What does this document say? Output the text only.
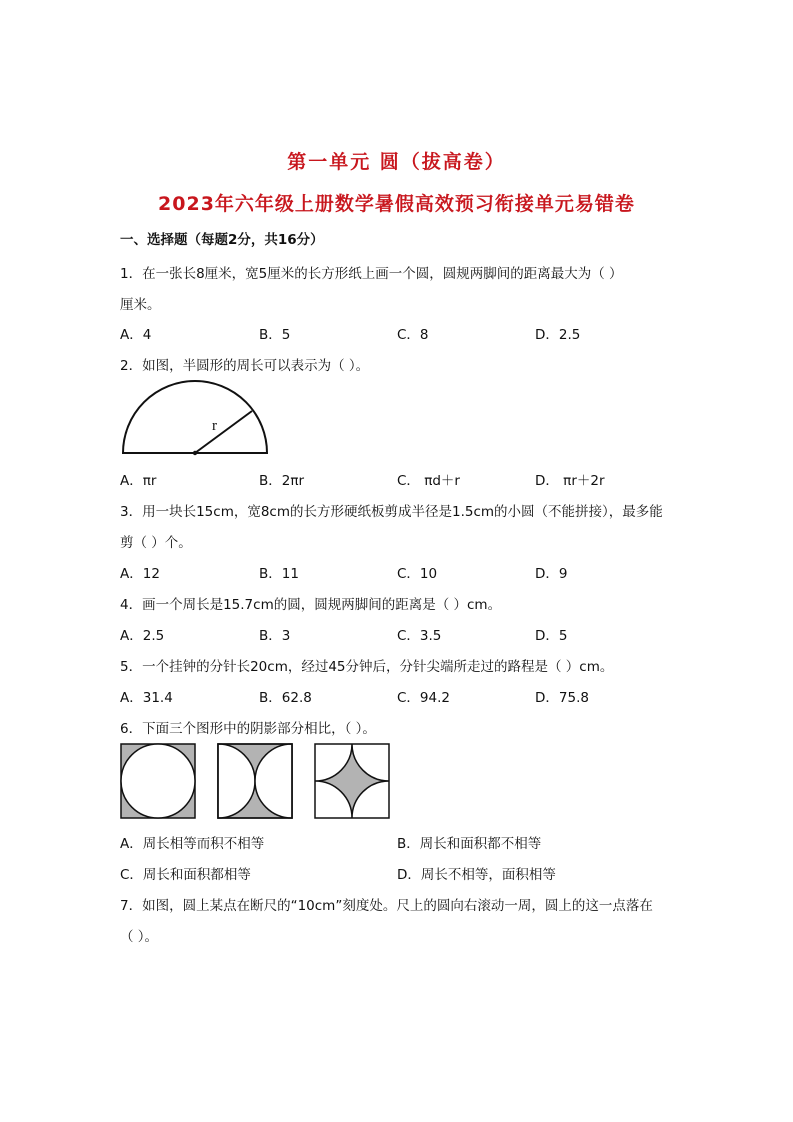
第一单元 圆（拔高卷）
2023年六年级上册数学暑假高效预习衔接单元易错卷
一、选择题（每题2分，共16分）
1．在一张长8厘米，宽5厘米的长方形纸上画一个圆，圆规两脚间的距离最大为（ ）
厘米。
A．4	B．5	C．8	D．2.5
2．如图，半圆形的周长可以表示为（ ）。
r
A．πr	B．2πr	C． πd＋r	D． πr＋2r
3．用一块长15cm，宽8cm的长方形硬纸板剪成半径是1.5cm的小圆（不能拼接），最多能
剪（ ）个。
A．12	B．11	C．10	D．9
4．画一个周长是15.7cm的圆，圆规两脚间的距离是（ ）cm。
A．2.5	B．3	C．3.5	D．5
5．一个挂钟的分针长20cm，经过45分钟后，分针尖端所走过的路程是（ ）cm。
A．31.4	B．62.8	C．94.2	D．75.8
6．下面三个图形中的阴影部分相比，（ ）。
A．周长相等而积不相等	B．周长和面积都不相等
C．周长和面积都相等	D．周长不相等，面积相等
7．如图，圆上某点在断尺的“10cm”刻度处。尺上的圆向右滚动一周，圆上的这一点落在
（ ）。
